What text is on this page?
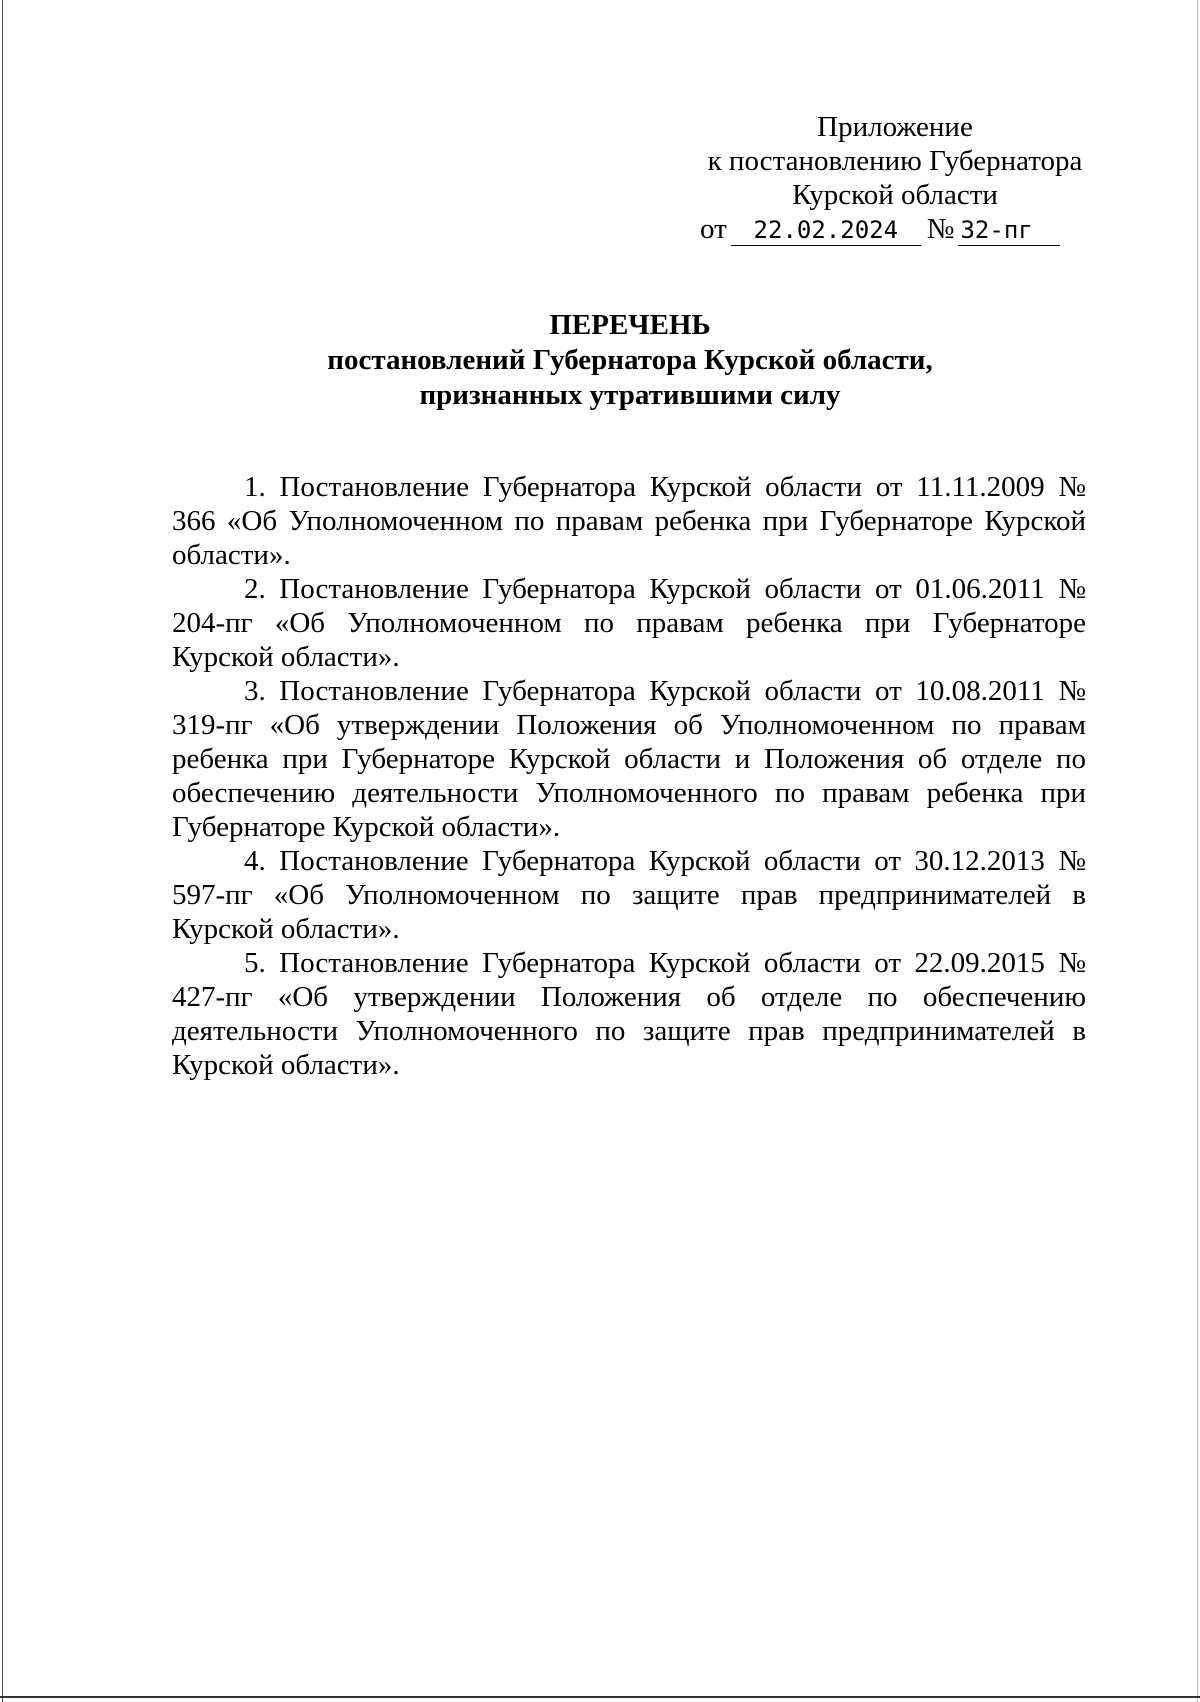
Приложение
к постановлению Губернатора
Курской области
от 22.02.2024 № 32-пг
ПЕРЕЧЕНЬ
постановлений Губернатора Курской области,
признанных утратившими силу

1. Постановление Губернатора Курской области от 11.11.2009 № 366 «Об Уполномоченном по правам ребенка при Губернаторе Курской области».

2. Постановление Губернатора Курской области от 01.06.2011 № 204-пг «Об Уполномоченном по правам ребенка при Губернаторе Курской области».

3. Постановление Губернатора Курской области от 10.08.2011 № 319-пг «Об утверждении Положения об Уполномоченном по правам ребенка при Губернаторе Курской области и Положения об отделе по обеспечению деятельности Уполномоченного по правам ребенка при Губернаторе Курской области».

4. Постановление Губернатора Курской области от 30.12.2013 № 597-пг «Об Уполномоченном по защите прав предпринимателей в Курской области».

5. Постановление Губернатора Курской области от 22.09.2015 № 427-пг «Об утверждении Положения об отделе по обеспечению деятельности Уполномоченного по защите прав предпринимателей в Курской области».
